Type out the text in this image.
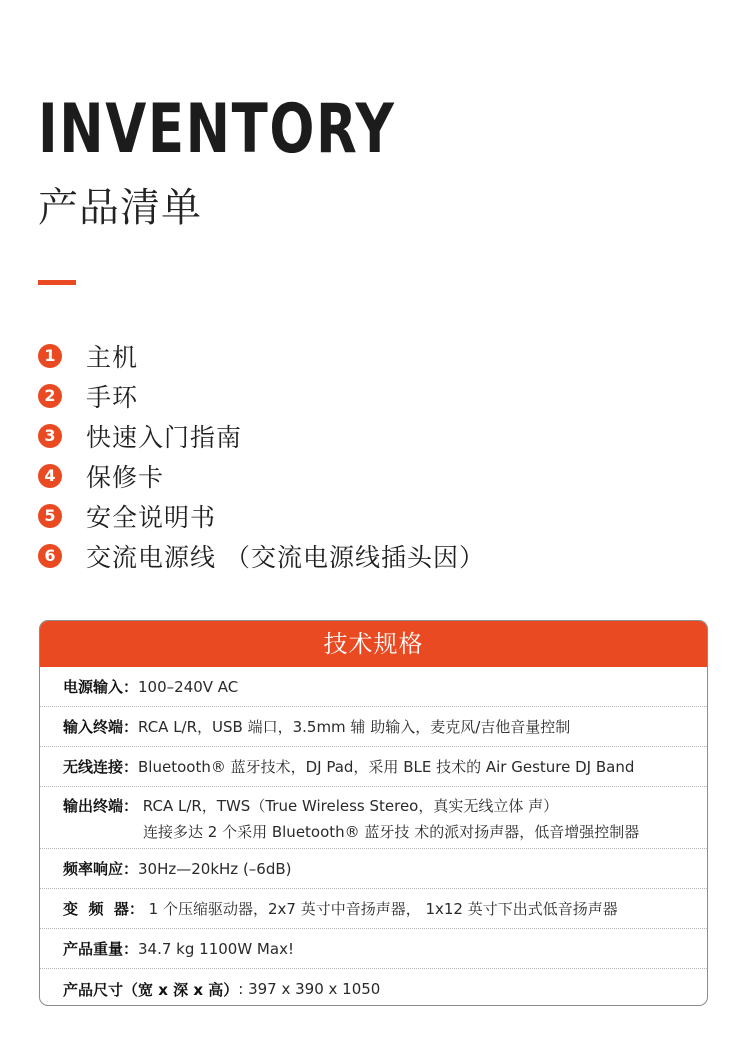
INVENTORY
产品清单
1 主机
2 手环
3 快速入门指南
4 保修卡
5 安全说明书
6 交流电源线 （交流电源线插头因）
技术规格
电源输入： 100–240V AC
输入终端： RCA L/R，USB 端口，3.5mm 辅 助输入，麦克风/吉他音量控制
无线连接： Bluetooth® 蓝牙技术，DJ Pad，采用 BLE 技术的 Air Gesture DJ Band
输出终端： RCA L/R，TWS（True Wireless Stereo，真实无线立体 声）
连接多达 2 个采用 Bluetooth® 蓝牙技 术的派对扬声器，低音增强控制器
频率响应： 30Hz—20kHz (–6dB)
变  频  器： 1 个压缩驱动器，2x7 英寸中音扬声器， 1x12 英寸下出式低音扬声器
产品重量： 34.7 kg 1100W Max!
产品尺寸（宽 x 深 x 高） : 397 x 390 x 1050
